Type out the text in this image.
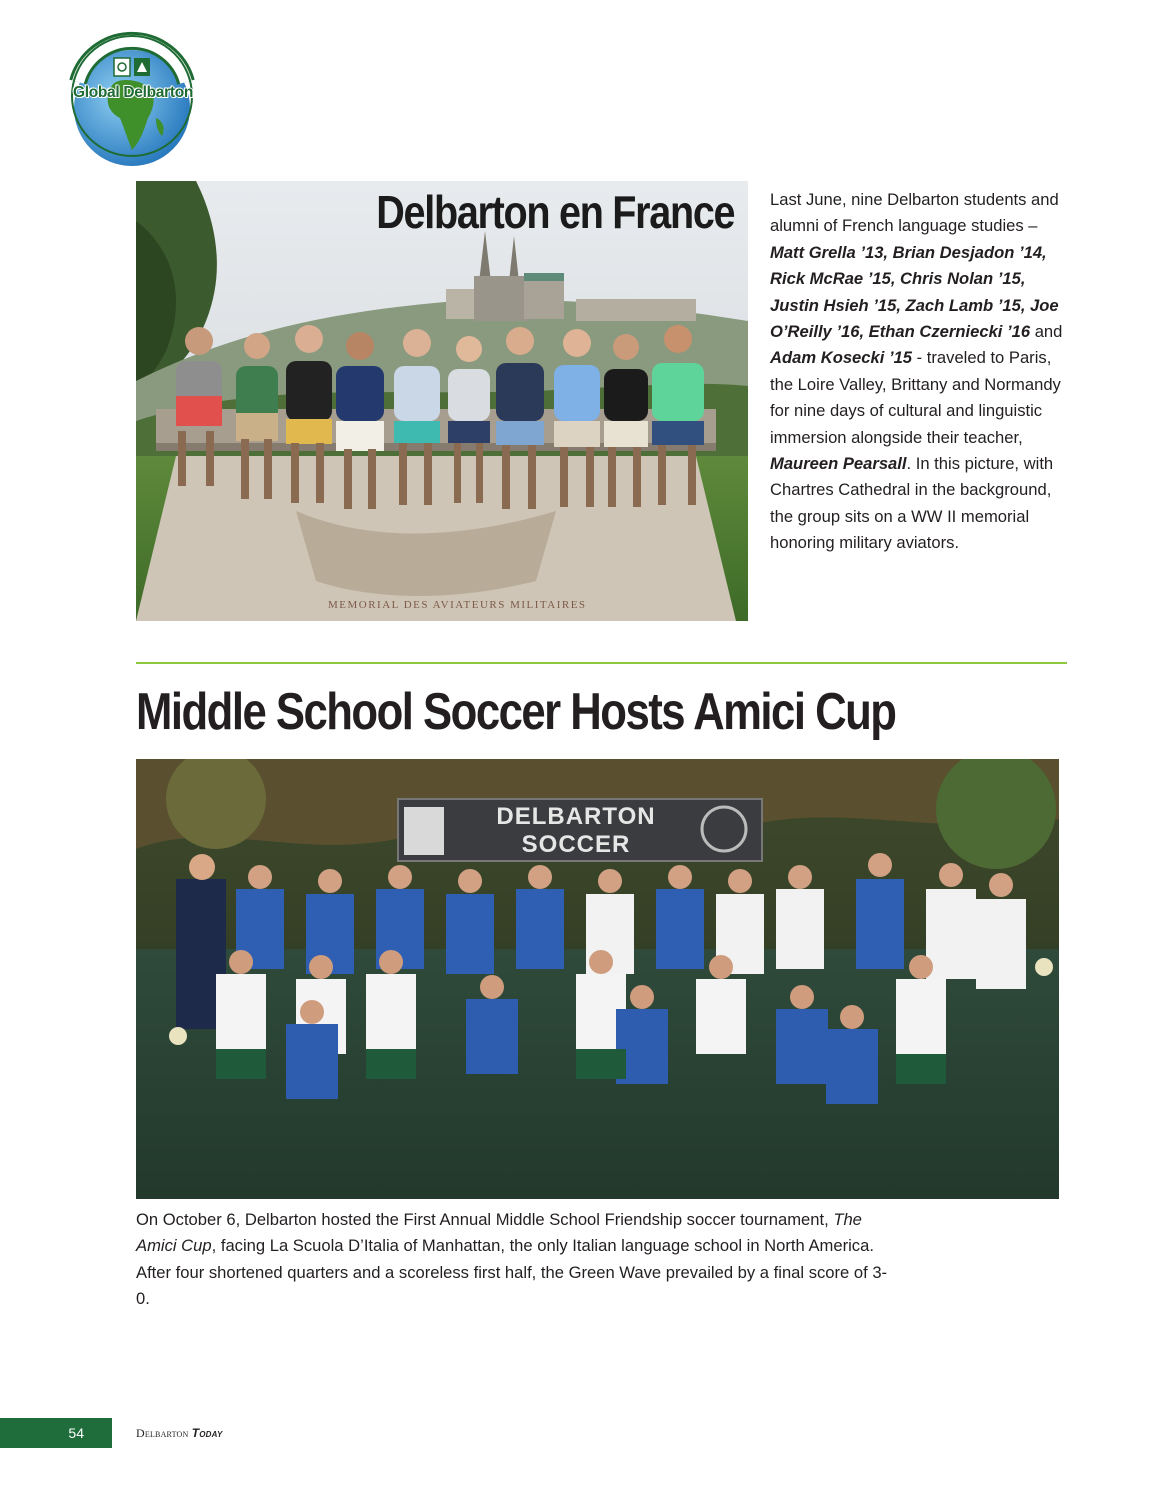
Global Delbarton
Delbarton en France
MEMORIAL DES AVIATEURS MILITAIRES

Last June, nine Delbarton students and alumni of French language studies – Matt Grella ’13, Brian Desjadon ’14, Rick McRae ’15, Chris Nolan ’15, Justin Hsieh ’15, Zach Lamb ’15, Joe O’Reilly ’16, Ethan Czerniecki ’16 and Adam Kosecki ’15 - traveled to Paris, the Loire Valley, Brittany and Normandy for nine days of cultural and linguistic immersion alongside their teacher, Maureen Pearsall. In this picture, with Chartres Cathedral in the background, the group sits on a WW II memorial honoring military aviators.

Middle School Soccer Hosts Amici Cup
DELBARTON
SOCCER

On October 6, Delbarton hosted the First Annual Middle School Friendship soccer tournament, The Amici Cup, facing La Scuola D’Italia of Manhattan, the only Italian language school in North America. After four shortened quarters and a scoreless first half, the Green Wave prevailed by a final score of 3-0.

54	Delbarton Today
